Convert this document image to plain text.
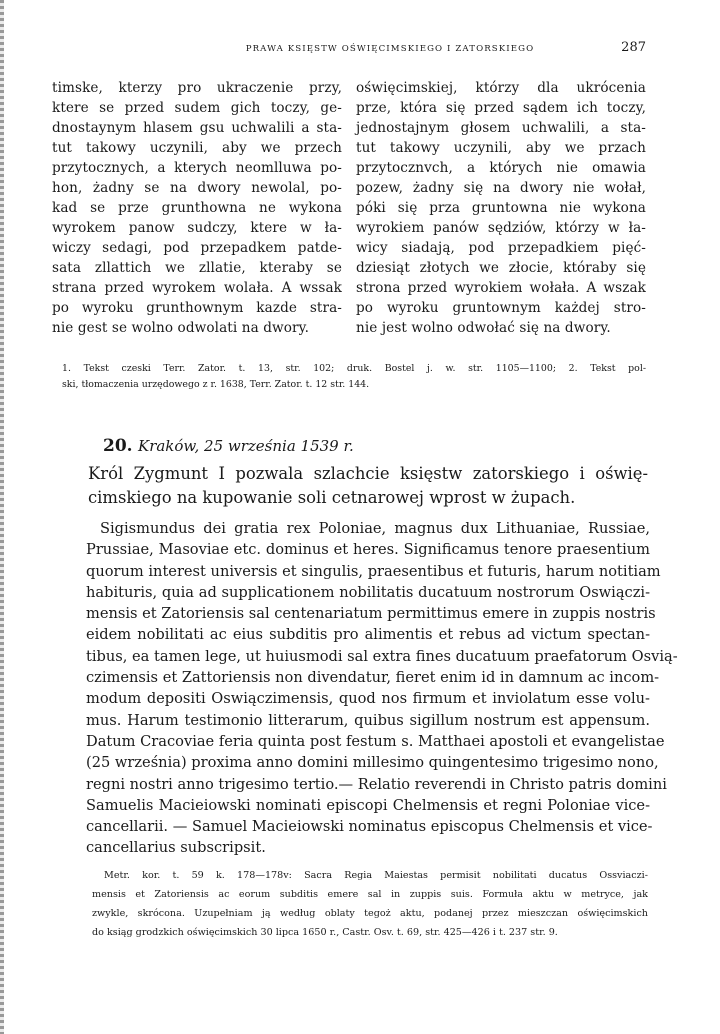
PRAWA KSIĘSTW OŚWIĘCIMSKIEGO I ZATORSKIEGO	287
timske, kterzy pro ukraczenie przy,
ktere se przed sudem gich toczy, ge-
dnostaynym hlasem gsu uchwalili a sta-
tut takowy uczynili, aby we przech
przytocznych, a kterych neomlluwa po-
hon, żadny se na dwory newolal, po-
kad se prze grunthowna ne wykona
wyrokem panow sudczy, ktere w ła-
wiczy sedagi, pod przepadkem patde-
sata zllattich we zllatie, kteraby se
strana przed wyrokem wolała. A wssak
po wyroku grunthownym kazde stra-
nie gest se wolno odwolati na dwory.
oświęcimskiej, którzy dla ukrócenia
prze, która się przed sądem ich toczy,
jednostajnym głosem uchwalili, a sta-
tut takowy uczynili, aby we przach
przytocznvch, a których nie omawia
pozew, żadny się na dwory nie wołał,
póki się prza gruntowna nie wykona
wyrokiem panów sędziów, którzy w ła-
wicy siadają, pod przepadkiem pięć-
dziesiąt złotych we złocie, któraby się
strona przed wyrokiem wołała. A wszak
po wyroku gruntownym każdej stro-
nie jest wolno odwołać się na dwory.
1. Tekst czeski Terr. Zator. t. 13, str. 102; druk. Bostel j. w. str. 1105—1100; 2. Tekst pol-
ski, tłomaczenia urzędowego z r. 1638, Terr. Zator. t. 12 str. 144.
20. Kraków, 25 września 1539 r.
Król Zygmunt I pozwala szlachcie księstw zatorskiego i oświę-
cimskiego na kupowanie soli cetnarowej wprost w żupach.
Sigismundus dei gratia rex Poloniae, magnus dux Lithuaniae, Russiae,
Prussiae, Masoviae etc. dominus et heres. Significamus tenore praesentium
quorum interest universis et singulis, praesentibus et futuris, harum notitiam
habituris, quia ad supplicationem nobilitatis ducatuum nostrorum Oswiączi-
mensis et Zatoriensis sal centenariatum permittimus emere in zuppis nostris
eidem nobilitati ac eius subditis pro alimentis et rebus ad victum spectan-
tibus, ea tamen lege, ut huiusmodi sal extra fines ducatuum praefatorum Osvią-
czimensis et Zattoriensis non divendatur, fieret enim id in damnum ac incom-
modum depositi Oswiączimensis, quod nos firmum et inviolatum esse volu-
mus. Harum testimonio litterarum, quibus sigillum nostrum est appensum.
Datum Cracoviae feria quinta post festum s. Matthaei apostoli et evangelistae
(25 września) proxima anno domini millesimo quingentesimo trigesimo nono,
regni nostri anno trigesimo tertio.— Relatio reverendi in Christo patris domini
Samuelis Macieiowski nominati episcopi Chelmensis et regni Poloniae vice-
cancellarii. — Samuel Macieiowski nominatus episcopus Chelmensis et vice-
cancellarius subscripsit.
Metr. kor. t. 59 k. 178—178v: Sacra Regia Maiestas permisit nobilitati ducatus Ossviaczi-
mensis et Zatoriensis ac eorum subditis emere sal in zuppis suis. Formuła aktu w metryce, jak
zwykle, skrócona. Uzupełniam ją według oblaty tegoż aktu, podanej przez mieszczan oświęcimskich
do ksiąg grodzkich oświęcimskich 30 lipca 1650 r., Castr. Osv. t. 69, str. 425—426 i t. 237 str. 9.
